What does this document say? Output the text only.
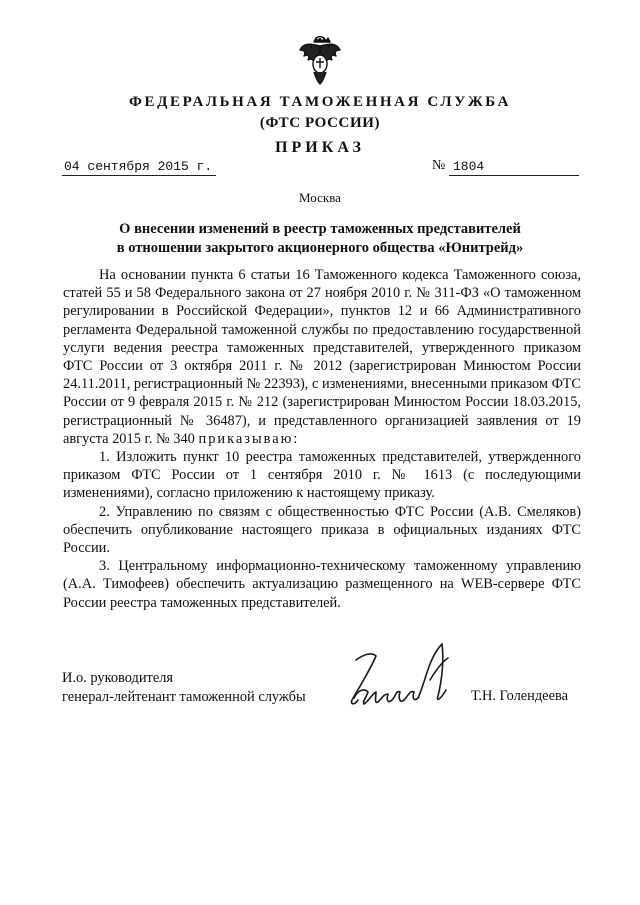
ФЕДЕРАЛЬНАЯ ТАМОЖЕННАЯ СЛУЖБА
(ФТС РОССИИ)
ПРИКАЗ
04 сентября 2015 г.	№ 1804
Москва
О внесении изменений в реестр таможенных представителей
в отношении закрытого акционерного общества «Юнитрейд»

На основании пункта 6 статьи 16 Таможенного кодекса Таможенного союза, статей 55 и 58 Федерального закона от 27 ноября 2010 г. № 311-ФЗ «О таможенном регулировании в Российской Федерации», пунктов 12 и 66 Административного регламента Федеральной таможенной службы по предоставлению государственной услуги ведения реестра таможенных представителей, утвержденного приказом ФТС России от 3 октября 2011 г. № 2012 (зарегистрирован Минюстом России 24.11.2011, регистрационный № 22393), с изменениями, внесенными приказом ФТС России от 9 февраля 2015 г. № 212 (зарегистрирован Минюстом России 18.03.2015, регистрационный № 36487), и представленного организацией заявления от 19 августа 2015 г. № 340 приказываю:

1. Изложить пункт 10 реестра таможенных представителей, утвержденного приказом ФТС России от 1 сентября 2010 г. № 1613 (с последующими изменениями), согласно приложению к настоящему приказу.

2. Управлению по связям с общественностью ФТС России (А.В. Смеляков) обеспечить опубликование настоящего приказа в официальных изданиях ФТС России.

3. Центральному информационно-техническому таможенному управлению (А.А. Тимофеев) обеспечить актуализацию размещенного на WEB-сервере ФТС России реестра таможенных представителей.

И.о. руководителя
генерал-лейтенант таможенной службы	Т.Н. Голендеева
